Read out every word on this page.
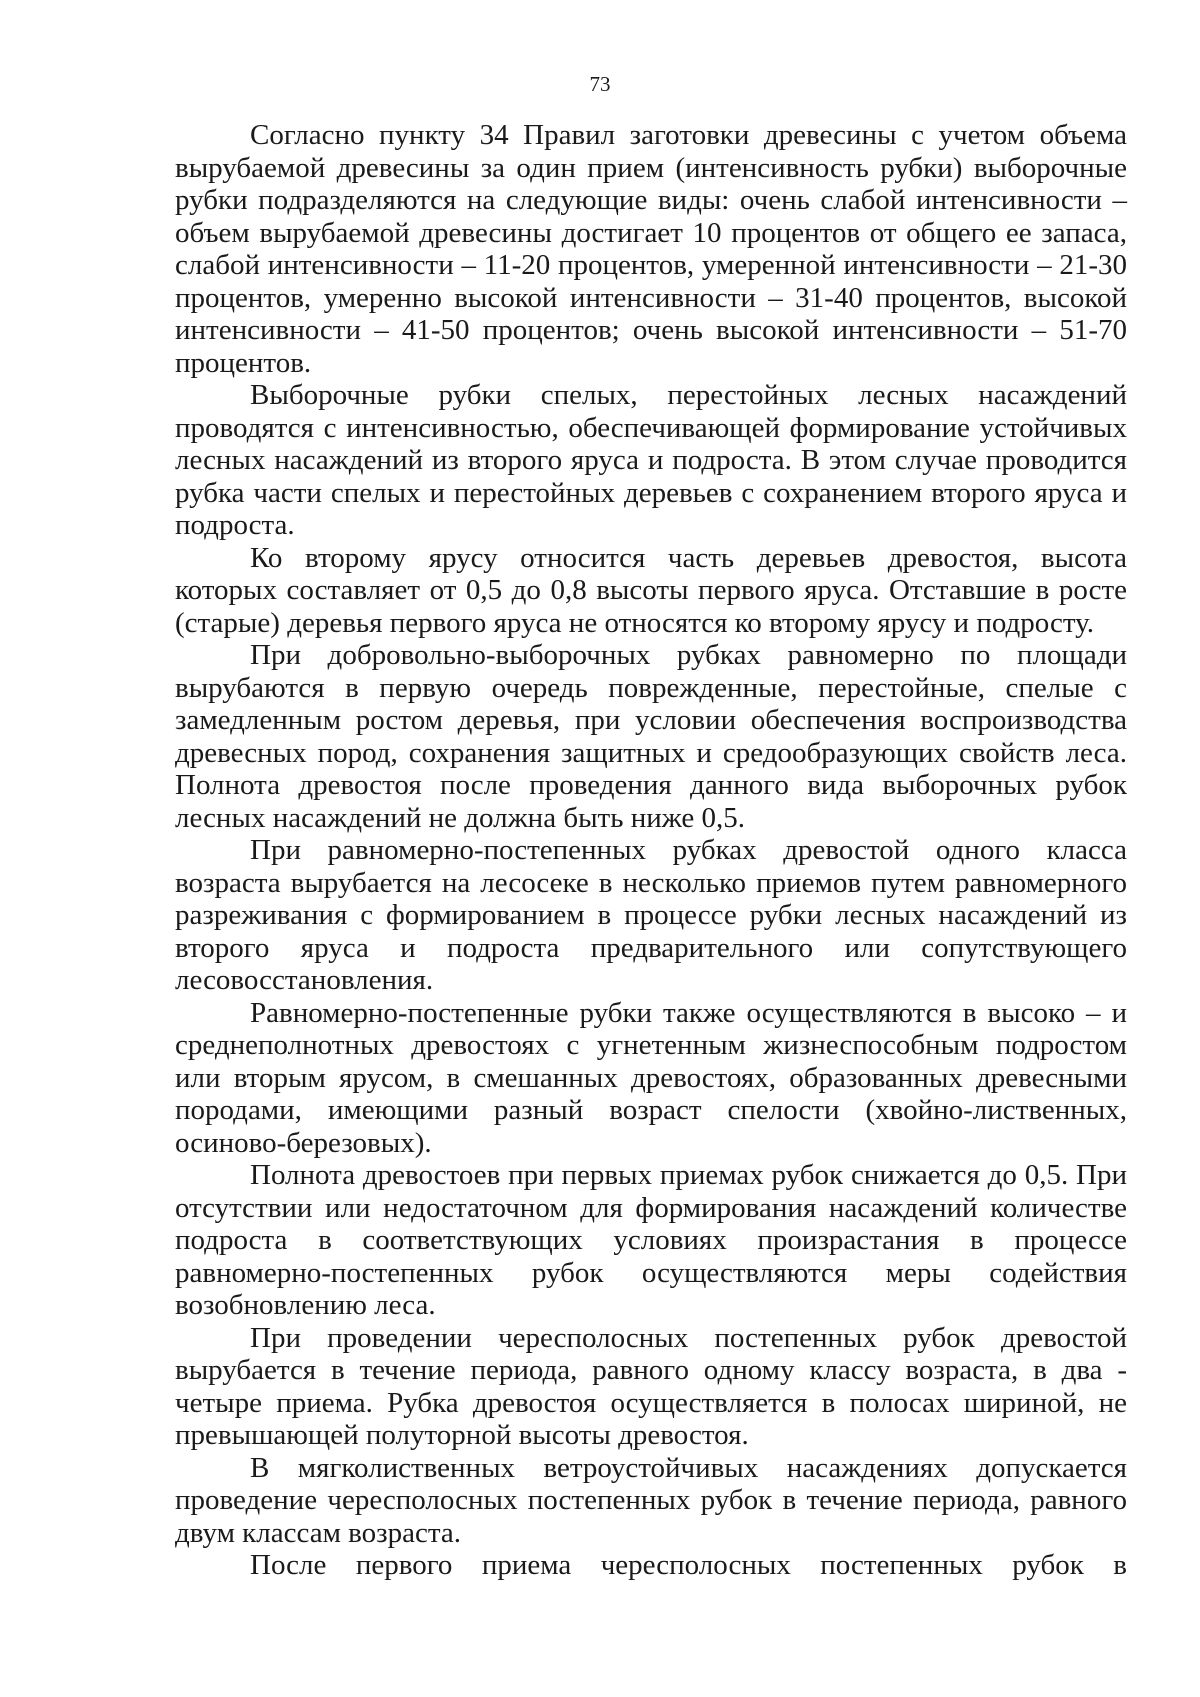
73

Согласно пункту 34 Правил заготовки древесины с учетом объема вырубаемой древесины за один прием (интенсивность рубки) выборочные рубки подразделяются на следующие виды: очень слабой интенсивности – объем вырубаемой древесины достигает 10 процентов от общего ее запаса, слабой интенсивности – 11-20 процентов, умеренной интенсивности – 21-30 процентов, умеренно высокой интенсивности – 31-40 процентов, высокой интенсивности – 41-50 процентов; очень высокой интенсивности – 51-70 процентов.

Выборочные рубки спелых, перестойных лесных насаждений проводятся с интенсивностью, обеспечивающей формирование устойчивых лесных насаждений из второго яруса и подроста. В этом случае проводится рубка части спелых и перестойных деревьев с сохранением второго яруса и подроста.

Ко второму ярусу относится часть деревьев древостоя, высота которых составляет от 0,5 до 0,8 высоты первого яруса. Отставшие в росте (старые) деревья первого яруса не относятся ко второму ярусу и подросту.

При добровольно-выборочных рубках равномерно по площади вырубаются в первую очередь поврежденные, перестойные, спелые с замедленным ростом деревья, при условии обеспечения воспроизводства древесных пород, сохранения защитных и средообразующих свойств леса. Полнота древостоя после проведения данного вида выборочных рубок лесных насаждений не должна быть ниже 0,5.

При равномерно-постепенных рубках древостой одного класса возраста вырубается на лесосеке в несколько приемов путем равномерного разреживания с формированием в процессе рубки лесных насаждений из второго яруса и подроста предварительного или сопутствующего лесовосстановления.

Равномерно-постепенные рубки также осуществляются в высоко – и среднеполнотных древостоях с угнетенным жизнеспособным подростом или вторым ярусом, в смешанных древостоях, образованных древесными породами, имеющими разный возраст спелости (хвойно-лиственных, осиново-березовых).

Полнота древостоев при первых приемах рубок снижается до 0,5. При отсутствии или недостаточном для формирования насаждений количестве подроста в соответствующих условиях произрастания в процессе равномерно-постепенных рубок осуществляются меры содействия возобновлению леса.

При проведении чересполосных постепенных рубок древостой вырубается в течение периода, равного одному классу возраста, в два - четыре приема. Рубка древостоя осуществляется в полосах шириной, не превышающей полуторной высоты древостоя.

В мягколиственных ветроустойчивых насаждениях допускается проведение чересполосных постепенных рубок в течение периода, равного двум классам возраста.

После первого приема чересполосных постепенных рубок в
